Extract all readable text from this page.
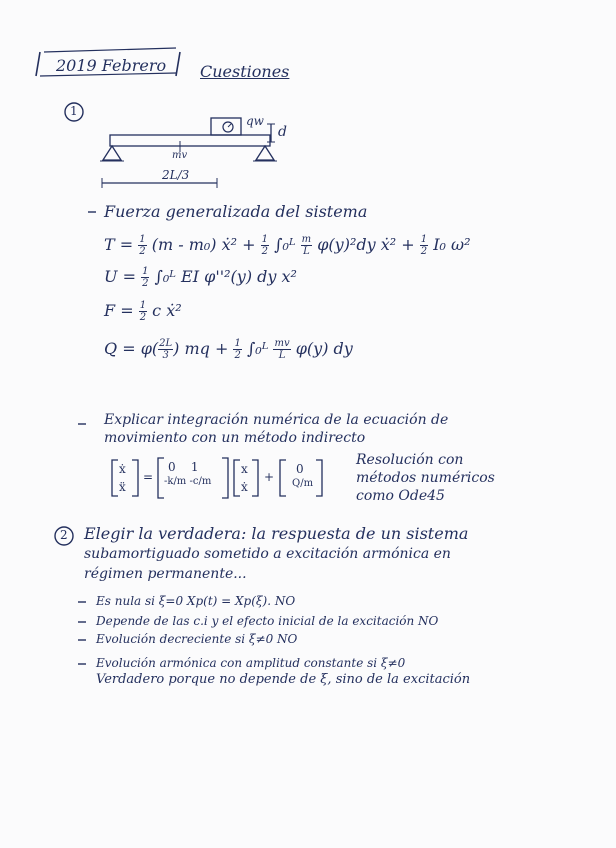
2019 Febrero Cuestiones
1
qw
d
mv
2L/3
Fuerza generalizada del sistema
$T = \frac{1}{2} (m - m_0)$ ẋ² + $\frac{1}{2}$ ∫₀ᴸ $\frac{m}{L} \varphi(y)^2dy$ ẋ² + $\frac{1}{2} I_0$ ω²
$U = \frac{1}{2}$ ∫₀ᴸ EI φ''²(y) dy x²
$F = \frac{1}{2}$ c ẋ²
$Q = \varphi( \frac{2L}{3}$ ) mq + $\frac{1}{2}$ ∫₀ᴸ $\frac{mv}{L} \varphi(y)$ dy
Explicar integración numérica de la ecuación de
movimiento con un método indirecto
ẋ
ẍ
=
0    1
-k/m -c/m
x
ẋ
+
0
Q/m
Resolución con
métodos numéricos
como Ode45
2 Elegir la verdadera: la respuesta de un sistema
subamortiguado sometido a excitación armónica en
régimen permanente...
Es nula si ξ=0 Xp(t) = Xp(ξ). NO
Depende de las c.i y el efecto inicial de la excitación NO
Evolución decreciente si ξ≠0 NO
Evolución armónica con amplitud constante si ξ≠0
Verdadero porque no depende de ξ, sino de la excitación
